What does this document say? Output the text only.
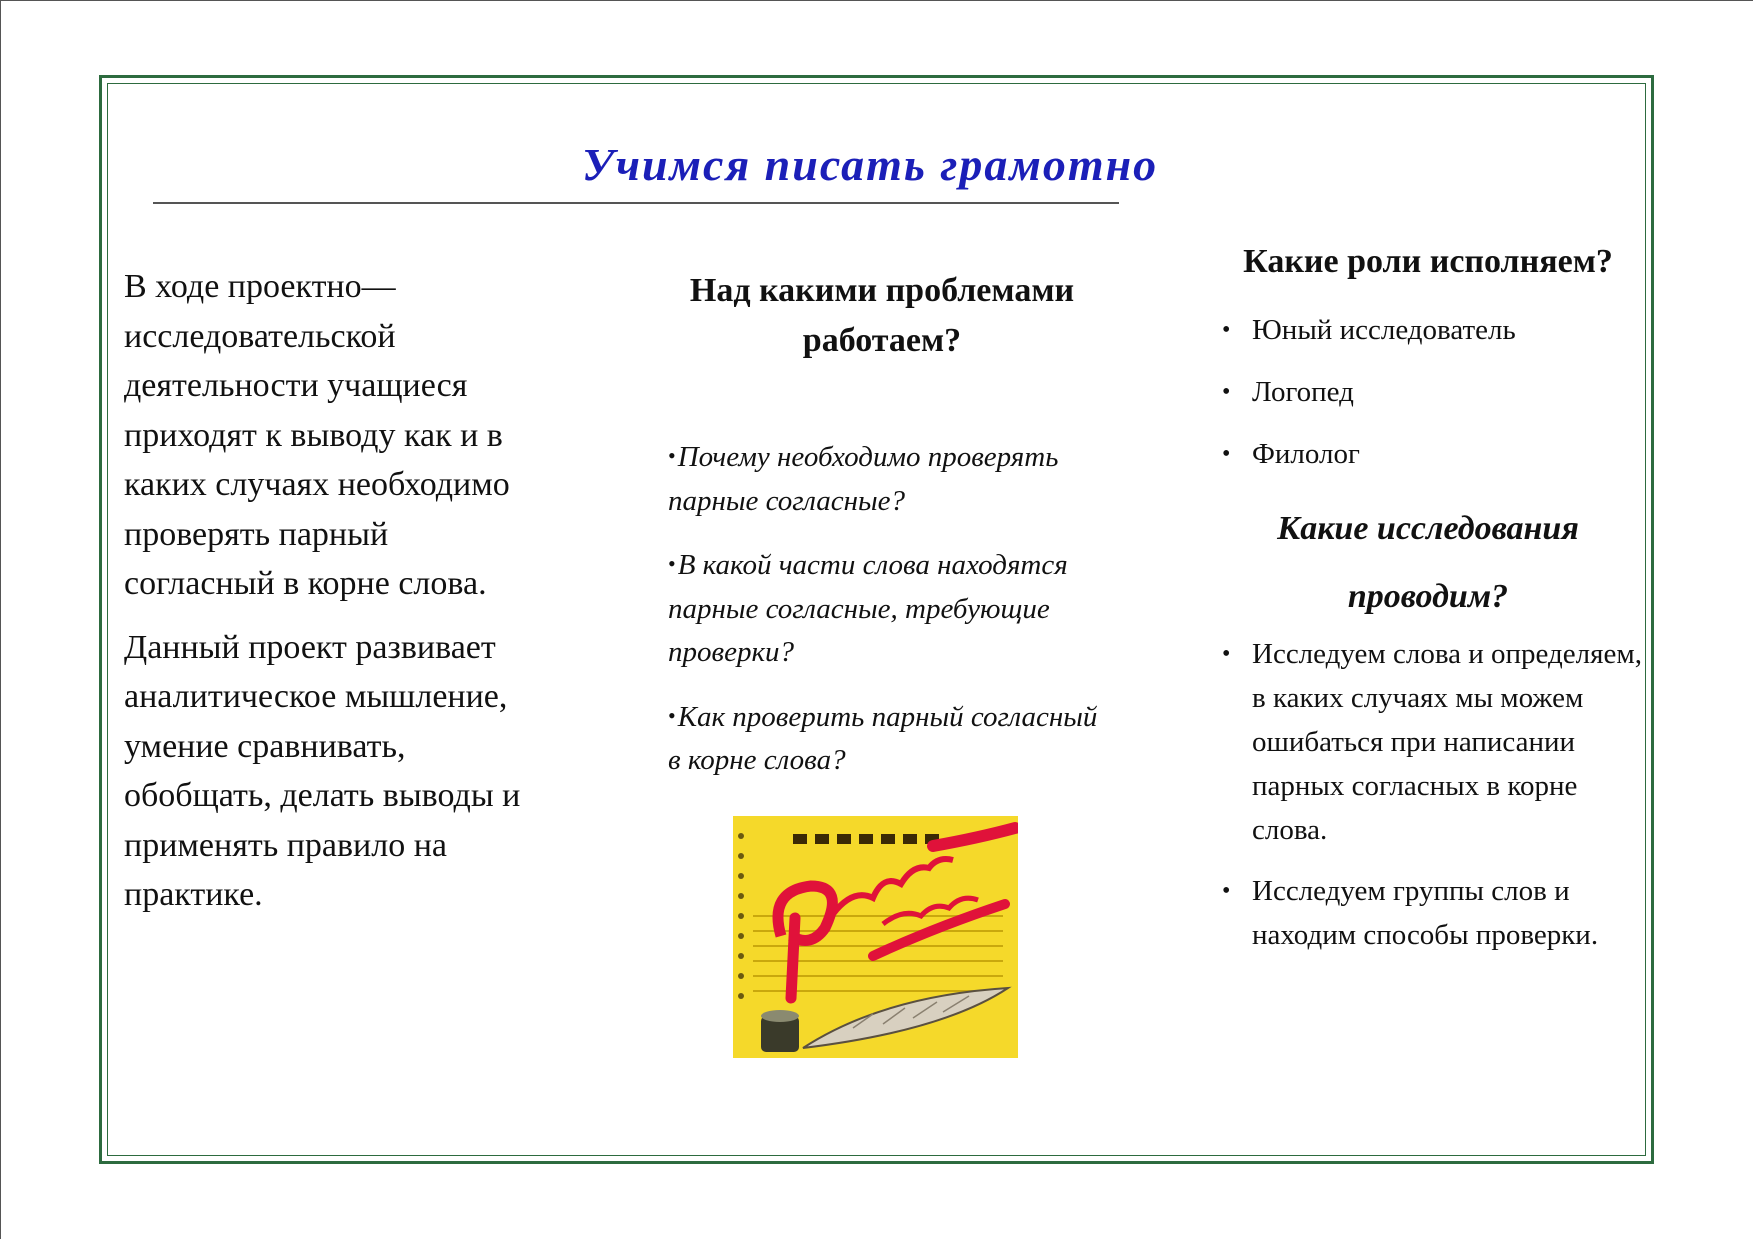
Учимся писать грамотно

В ходе проектно—исследовательской деятельности учащиеся приходят к выводу как и в каких случаях необходимо проверять парный согласный в корне слова.

Данный проект развивает аналитическое мышление, умение сравнивать, обобщать, делать выводы и применять правило на практике.

Над какими проблемами работаем?
• Почему необходимо проверять парные согласные?
• В какой части слова находятся парные согласные, требующие проверки?
• Как проверить парный согласный в корне слова?
Какие роли исполняем?
• Юный исследователь
• Логопед
• Филолог
Какие исследования проводим?
• Исследуем слова и определяем, в каких случаях мы можем ошибаться при написании парных согласных в корне слова.
• Исследуем группы слов и находим способы проверки.
